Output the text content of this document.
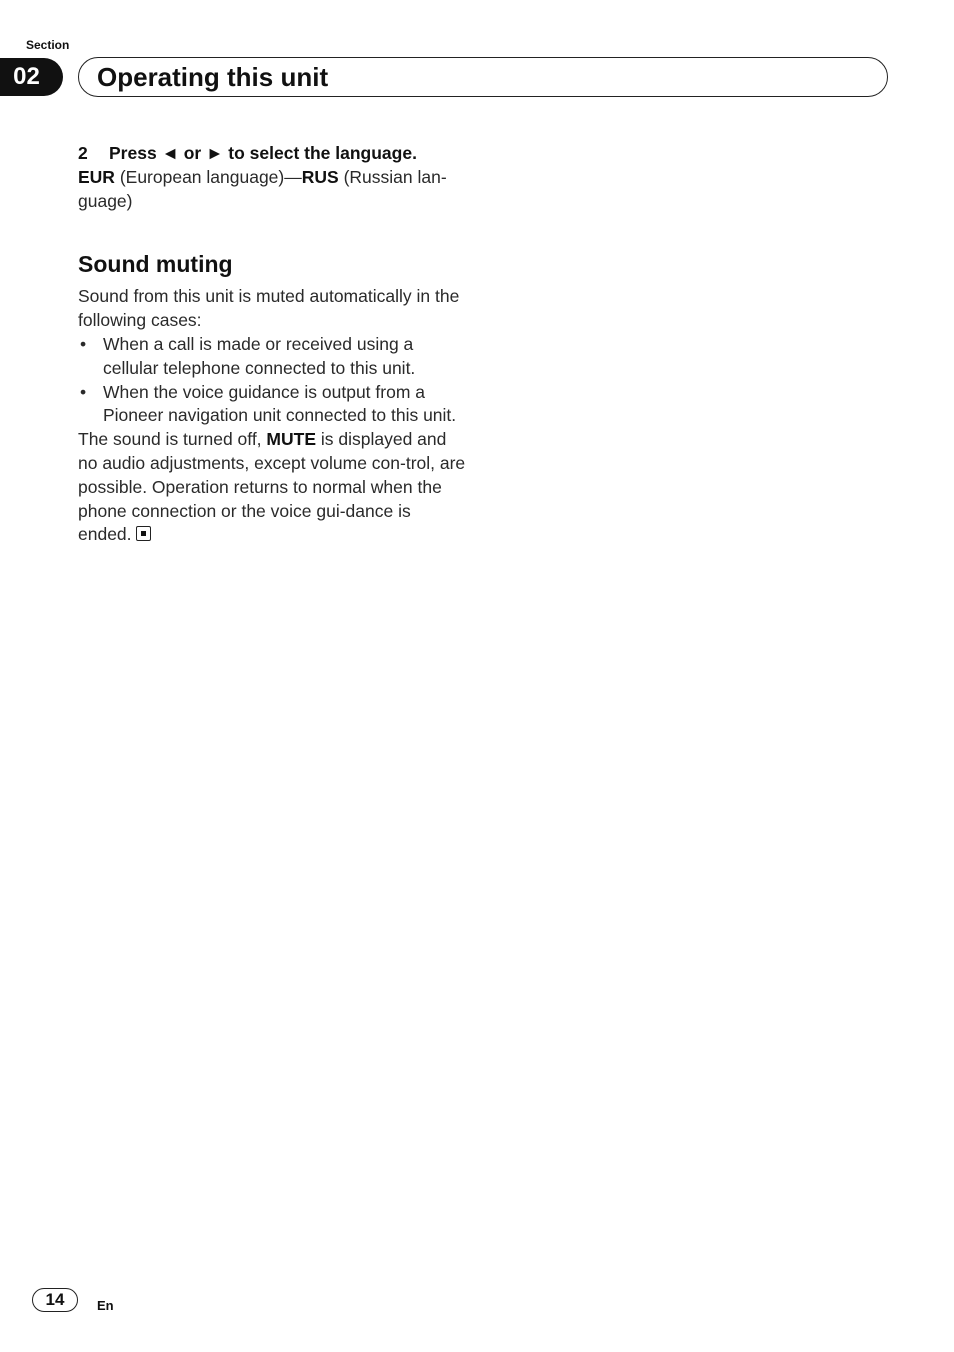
Section
02	Operating this unit
2 Press ◄ or ► to select the language.
EUR (European language)—RUS (Russian lan-guage)
Sound muting
Sound from this unit is muted automatically in the following cases:
• When a call is made or received using a cellular telephone connected to this unit.
• When the voice guidance is output from a Pioneer navigation unit connected to this unit.
The sound is turned off, MUTE is displayed and no audio adjustments, except volume con-trol, are possible. Operation returns to normal when the phone connection or the voice gui-dance is ended.
14	En
